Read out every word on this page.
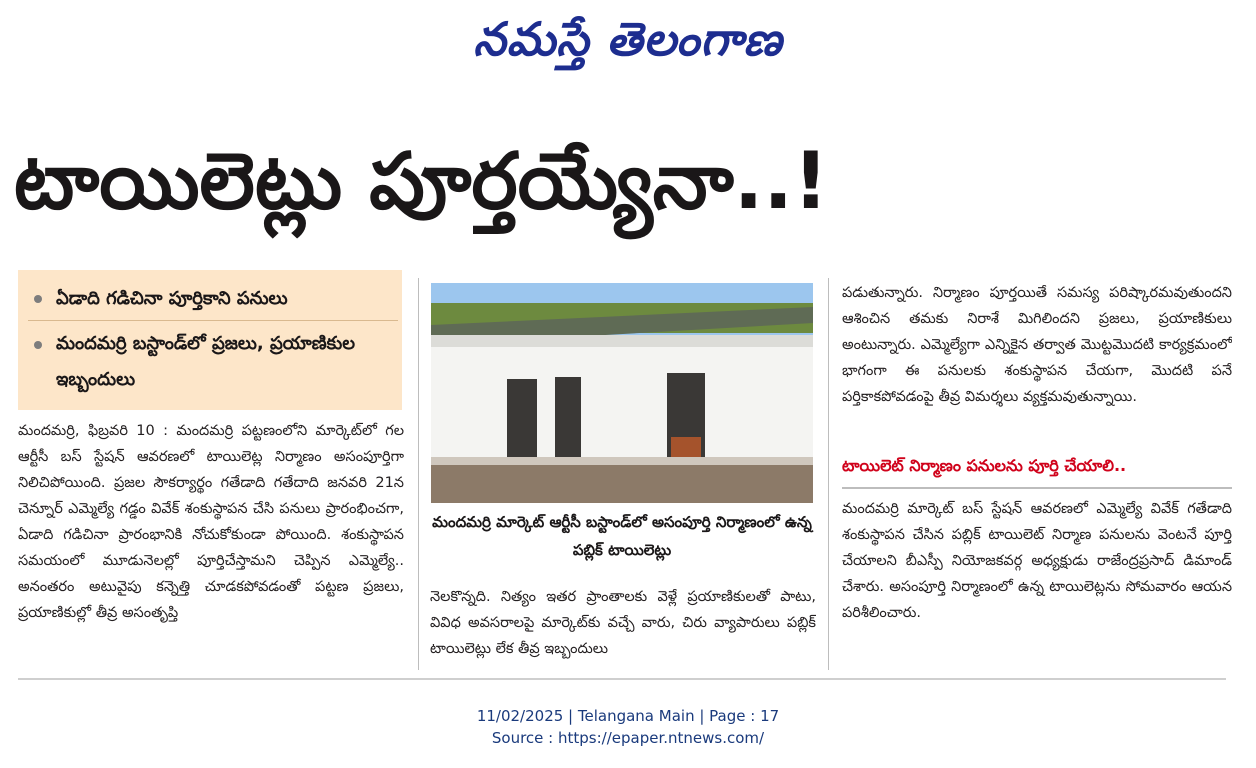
నమస్తే తెలంగాణ
టాయిలెట్లు పూర్తయ్యేనా..!
ఏడాది గడిచినా పూర్తికాని పనులు
మందమర్రి బస్టాండ్‌లో ప్రజలు, ప్రయాణికుల ఇబ్బందులు
మందమర్రి, ఫిబ్రవరి 10 : మందమర్రి పట్టణంలోని మార్కెట్‌లో గల ఆర్టీసీ బస్ స్టేషన్ ఆవరణలో టాయిలెట్ల నిర్మాణం అసంపూర్తిగా నిలిచిపోయింది. ప్రజల సౌకర్యార్థం గతేడాది గతేదాది జనవరి 21న చెన్నూర్ ఎమ్మెల్యే గడ్డం వివేక్ శంకుస్థాపన చేసి పనులు ప్రారంభించగా, ఏడాది గడిచినా ప్రారంభానికి నోచుకోకుండా పోయింది. శంకుస్థాపన సమయంలో మూడునెలల్లో పూర్తిచేస్తామని చెప్పిన ఎమ్మెల్యే.. అనంతరం అటువైపు కన్నెత్తి చూడకపోవడంతో పట్టణ ప్రజలు, ప్రయాణికుల్లో తీవ్ర అసంతృప్తి
మందమర్రి మార్కెట్ ఆర్టీసీ బస్టాండ్‌లో అసంపూర్తి నిర్మాణంలో ఉన్న పబ్లిక్ టాయిలెట్లు
నెలకొన్నది. నిత్యం ఇతర ప్రాంతాలకు వెళ్లే ప్రయాణికులతో పాటు, వివిధ అవసరాలపై మార్కెట్‌కు వచ్చే వారు, చిరు వ్యాపారులు పబ్లిక్ టాయిలెట్లు లేక తీవ్ర ఇబ్బందులు
పడుతున్నారు. నిర్మాణం పూర్తయితే సమస్య పరిష్కారమవుతుందని ఆశించిన తమకు నిరాశే మిగిలిందని ప్రజలు, ప్రయాణికులు అంటున్నారు. ఎమ్మెల్యేగా ఎన్నికైన తర్వాత మొట్టమొదటి కార్యక్రమంలో భాగంగా ఈ పనులకు శంకుస్థాపన చేయగా, మొదటి పనే పర్తికాకపోవడంపై తీవ్ర విమర్శలు వ్యక్తమవుతున్నాయి.
టాయిలెట్ నిర్మాణం పనులను పూర్తి చేయాలి..
మందమర్రి మార్కెట్ బస్ స్టేషన్ ఆవరణలో ఎమ్మెల్యే వివేక్ గతేడాది శంకుస్థాపన చేసిన పబ్లిక్ టాయిలెట్ నిర్మాణ పనులను వెంటనే పూర్తి చేయాలని బీఎస్పీ నియోజకవర్గ అధ్యక్షుడు రాజేంద్రప్రసాద్ డిమాండ్ చేశారు. అసంపూర్తి నిర్మాణంలో ఉన్న టాయిలెట్లను సోమవారం ఆయన పరిశీలించారు.
11/02/2025 | Telangana Main | Page : 17
Source : https://epaper.ntnews.com/
